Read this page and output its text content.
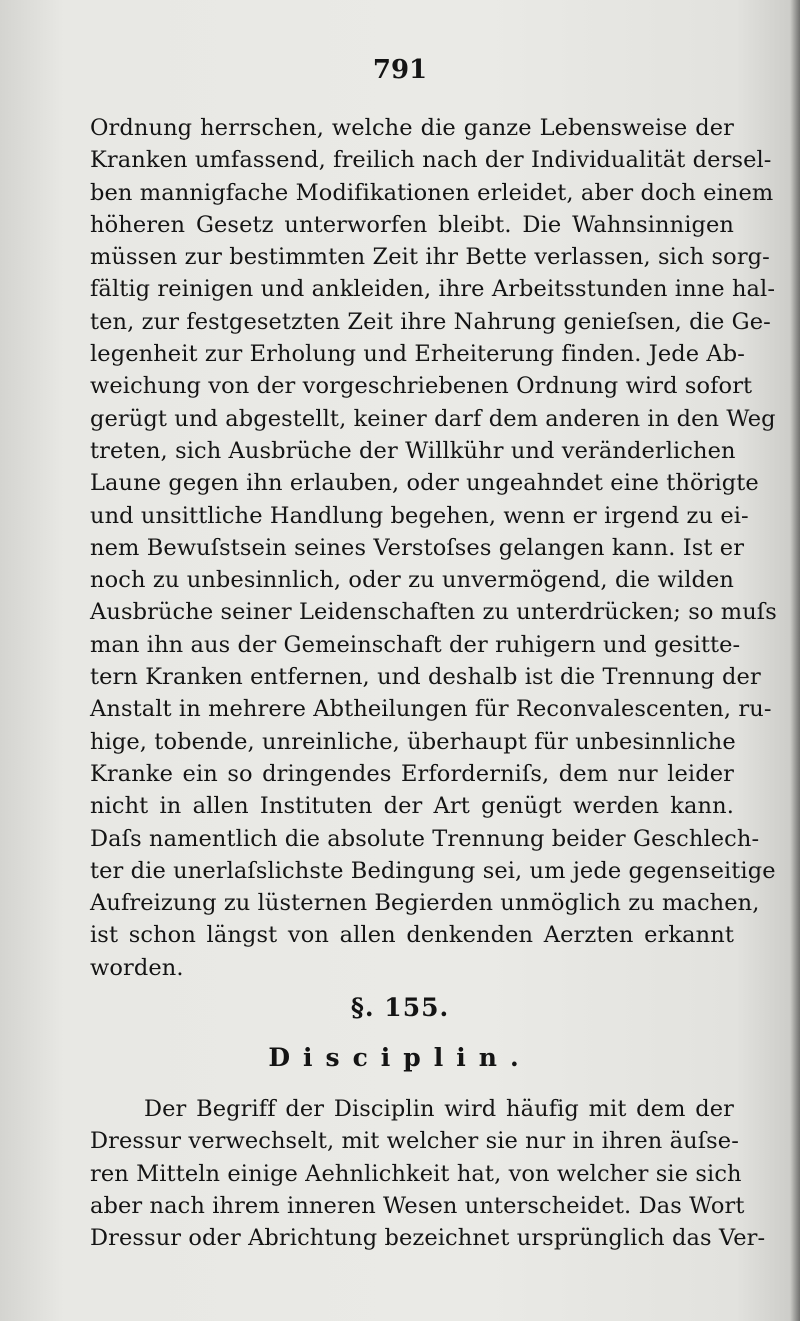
791
Ordnung herrschen, welche die ganze Lebensweise der
Kranken umfassend, freilich nach der Individualität dersel-
ben mannigfache Modifikationen erleidet, aber doch einem
höheren Gesetz unterworfen bleibt. Die Wahnsinnigen
müssen zur bestimmten Zeit ihr Bette verlassen, sich sorg-
fältig reinigen und ankleiden, ihre Arbeitsstunden inne hal-
ten, zur festgesetzten Zeit ihre Nahrung genieſsen, die Ge-
legenheit zur Erholung und Erheiterung finden. Jede Ab-
weichung von der vorgeschriebenen Ordnung wird sofort
gerügt und abgestellt, keiner darf dem anderen in den Weg
treten, sich Ausbrüche der Willkühr und veränderlichen
Laune gegen ihn erlauben, oder ungeahndet eine thörigte
und unsittliche Handlung begehen, wenn er irgend zu ei-
nem Bewuſstsein seines Verstoſses gelangen kann. Ist er
noch zu unbesinnlich, oder zu unvermögend, die wilden
Ausbrüche seiner Leidenschaften zu unterdrücken; so muſs
man ihn aus der Gemeinschaft der ruhigern und gesitte-
tern Kranken entfernen, und deshalb ist die Trennung der
Anstalt in mehrere Abtheilungen für Reconvalescenten, ru-
hige, tobende, unreinliche, überhaupt für unbesinnliche
Kranke ein so dringendes Erforderniſs, dem nur leider
nicht in allen Instituten der Art genügt werden kann.
Daſs namentlich die absolute Trennung beider Geschlech-
ter die unerlaſslichste Bedingung sei, um jede gegenseitige
Aufreizung zu lüsternen Begierden unmöglich zu machen,
ist schon längst von allen denkenden Aerzten erkannt
worden.
§. 155.
Disciplin.
Der Begriff der Disciplin wird häufig mit dem der
Dressur verwechselt, mit welcher sie nur in ihren äuſse-
ren Mitteln einige Aehnlichkeit hat, von welcher sie sich
aber nach ihrem inneren Wesen unterscheidet. Das Wort
Dressur oder Abrichtung bezeichnet ursprünglich das Ver-
